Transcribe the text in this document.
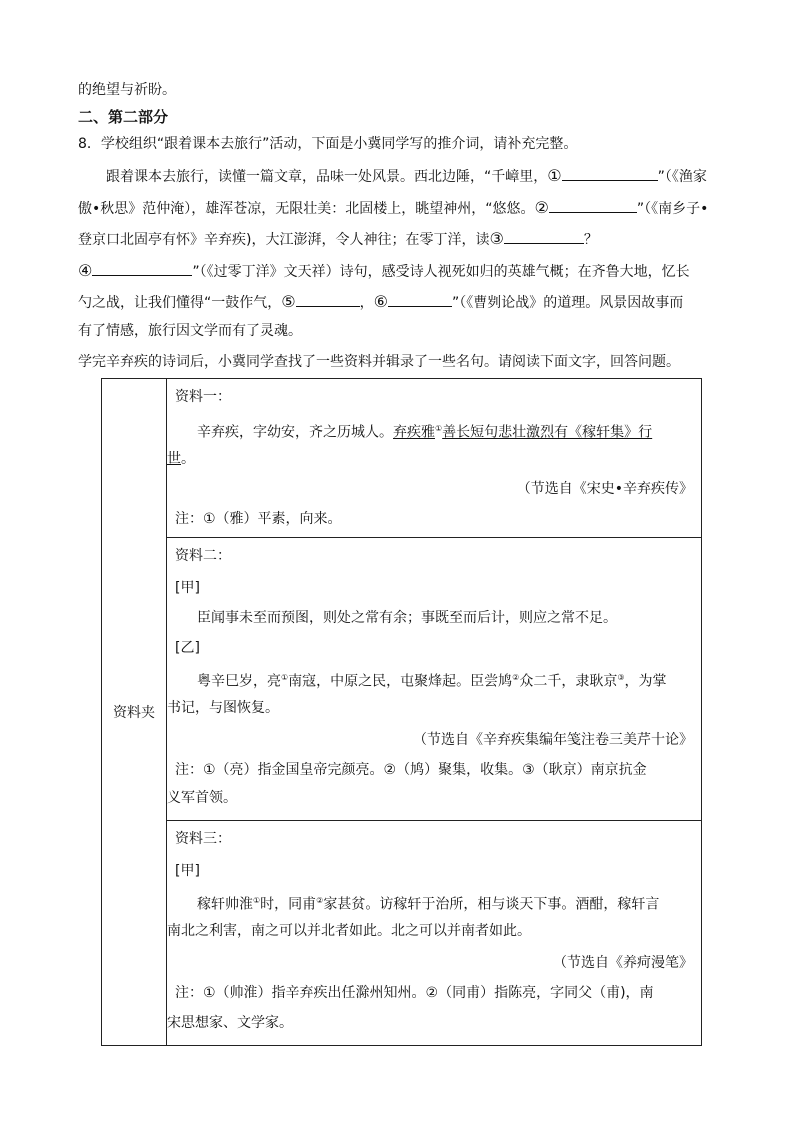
的绝望与祈盼。
二、第二部分
8．学校组织“跟着课本去旅行”活动，下面是小冀同学写的推介词，请补充完整。
跟着课本去旅行，读懂一篇文章，品味一处风景。西北边陲，“千嶂里，①	”（《渔家
傲•秋思》范仲淹），雄浑苍凉，无限壮美：北固楼上，眺望神州，“悠悠。②	”（《南乡子•
登京口北固亭有怀》辛弃疾)，大江澎湃，令人神往；在零丁洋，读③	？
④	”（《过零丁洋》文天祥）诗句，感受诗人视死如归的英雄气概；在齐鲁大地，忆长
勺之战，让我们懂得“一鼓作气，⑤	，⑥	”（《曹刿论战》的道理。风景因故事而
有了情感，旅行因文学而有了灵魂。
学完辛弃疾的诗词后，小冀同学查找了一些资料并辑录了一些名句。请阅读下面文字，回答问题。
资料夹	
资料一：
辛弃疾，字幼安，齐之历城人。弃疾雅①善长短句悲壮激烈有《稼轩集》行
世。
（节选自《宋史•辛弃疾传》
注：①（雅）平素，向来。

资料二：
[甲]
臣闻事未至而预图，则处之常有余；事既至而后计，则应之常不足。
[乙]
粤辛巳岁，亮①南寇，中原之民，屯聚烽起。臣尝鸠②众二千，隶耿京③，为掌
书记，与图恢复。
（节选自《辛弃疾集编年笺注卷三美芹十论》
注：①（亮）指金国皇帝完颜亮。②（鸠）聚集，收集。③（耿京）南京抗金
义军首领。

资料三：
[甲]
稼轩帅淮①时，同甫②家甚贫。访稼轩于治所，相与谈天下事。酒酣，稼轩言
南北之利害，南之可以并北者如此。北之可以并南者如此。
（节选自《养疴漫笔》
注：①（帅淮）指辛弃疾出任滁州知州。②（同甫）指陈亮，字同父（甫)，南
宋思想家、文学家。
